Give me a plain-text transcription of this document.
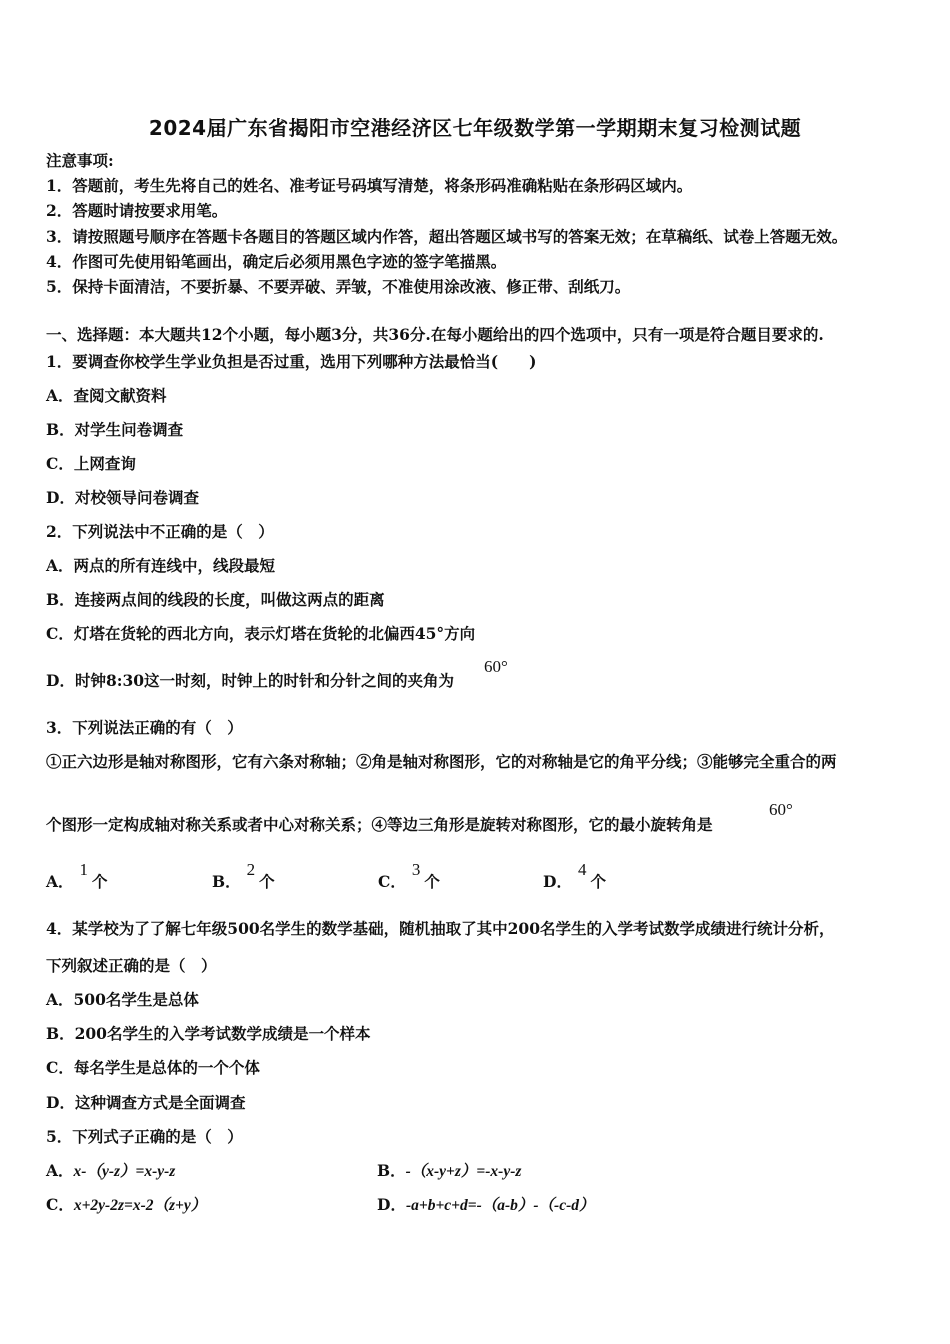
2024届广东省揭阳市空港经济区七年级数学第一学期期末复习检测试题
注意事项:
1．答题前，考生先将自己的姓名、准考证号码填写清楚，将条形码准确粘贴在条形码区域内。
2．答题时请按要求用笔。
3．请按照题号顺序在答题卡各题目的答题区域内作答，超出答题区域书写的答案无效；在草稿纸、试卷上答题无效。
4．作图可先使用铅笔画出，确定后必须用黑色字迹的签字笔描黑。
5．保持卡面清洁，不要折暴、不要弄破、弄皱，不准使用涂改液、修正带、刮纸刀。
一、选择题：本大题共12个小题，每小题3分，共36分.在每小题给出的四个选项中，只有一项是符合题目要求的.
1．要调查你校学生学业负担是否过重，选用下列哪种方法最恰当(　　)
A．查阅文献资料
B．对学生问卷调查
C．上网查询
D．对校领导问卷调查
2．下列说法中不正确的是（　）
A．两点的所有连线中，线段最短
B．连接两点间的线段的长度，叫做这两点的距离
C．灯塔在货轮的西北方向，表示灯塔在货轮的北偏西45°方向
D．时钟8:30这一时刻，时钟上的时针和分针之间的夹角为
60°
3．下列说法正确的有（　）
①正六边形是轴对称图形，它有六条对称轴；②角是轴对称图形，它的对称轴是它的角平分线；③能够完全重合的两
个图形一定构成轴对称关系或者中心对称关系；④等边三角形是旋转对称图形，它的最小旋转角是
60°
A．1个	B．2个	C．3个	D．4个
4．某学校为了了解七年级500名学生的数学基础，随机抽取了其中200名学生的入学考试数学成绩进行统计分析，
下列叙述正确的是（　）
A．500名学生是总体
B．200名学生的入学考试数学成绩是一个样本
C．每名学生是总体的一个个体
D．这种调查方式是全面调查
5．下列式子正确的是（　）
A．x-（y-z）=x-y-z	B．-（x-y+z）=-x-y-z
C．x+2y-2z=x-2（z+y）	D．-a+b+c+d=-（a-b）-（-c-d）
